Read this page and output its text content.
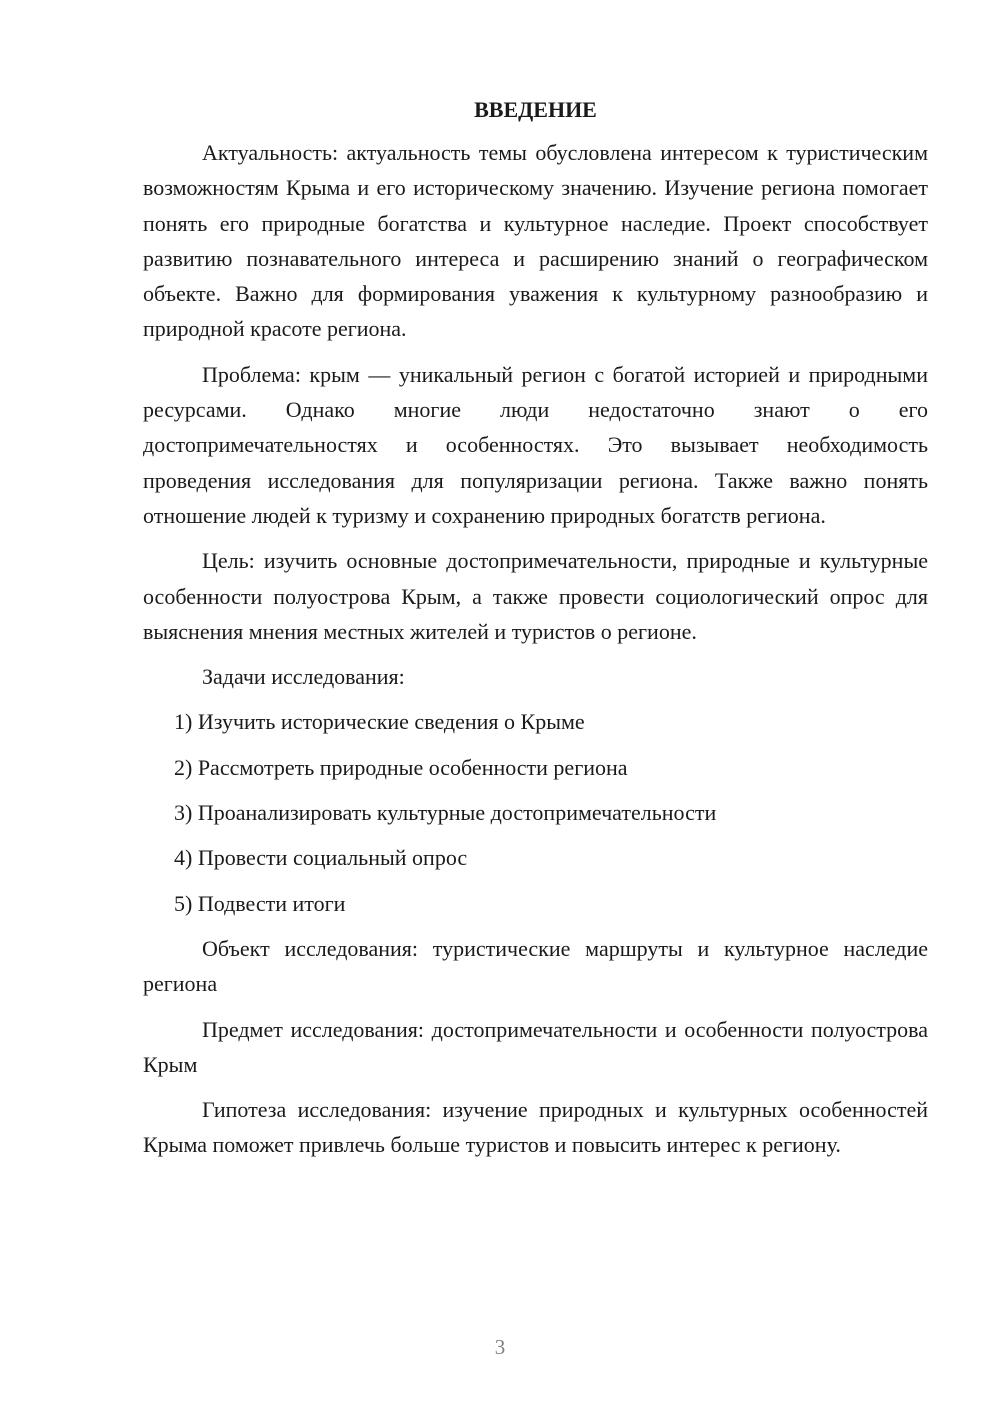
ВВЕДЕНИЕ

Актуальность: актуальность темы обусловлена интересом к туристическим возможностям Крыма и его историческому значению. Изучение региона помогает понять его природные богатства и культурное наследие. Проект способствует развитию познавательного интереса и расширению знаний о географическом объекте. Важно для формирования уважения к культурному разнообразию и природной красоте региона.

Проблема: крым — уникальный регион с богатой историей и природными ресурсами. Однако многие люди недостаточно знают о его достопримечательностях и особенностях. Это вызывает необходимость проведения исследования для популяризации региона. Также важно понять отношение людей к туризму и сохранению природных богатств региона.

Цель: изучить основные достопримечательности, природные и культурные особенности полуострова Крым, а также провести социологический опрос для выяснения мнения местных жителей и туристов о регионе.

Задачи исследования:

1) Изучить исторические сведения о Крыме
2) Рассмотреть природные особенности региона
3) Проанализировать культурные достопримечательности
4) Провести социальный опрос
5) Подвести итоги

Объект исследования: туристические маршруты и культурное наследие региона

Предмет исследования: достопримечательности и особенности полуострова Крым

Гипотеза исследования: изучение природных и культурных особенностей Крыма поможет привлечь больше туристов и повысить интерес к региону.

3
